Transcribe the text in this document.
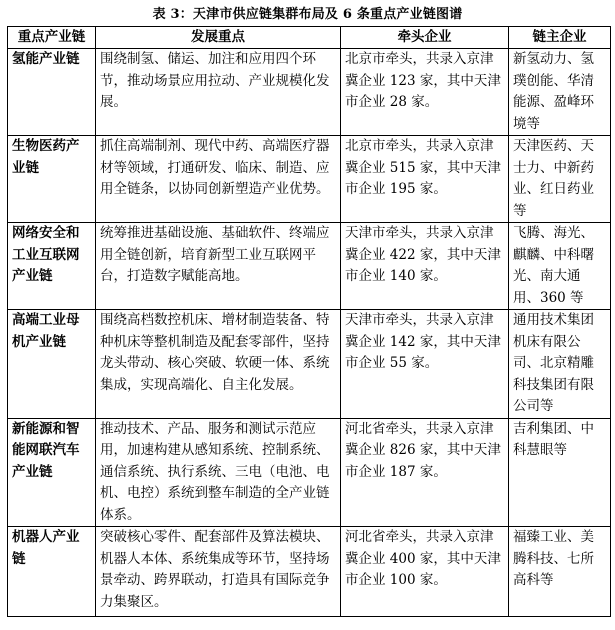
表 3：天津市供应链集群布局及 6 条重点产业链图谱
重点产业链	发展重点	牵头企业	链主企业
氢能产业链	围绕制氢、储运、加注和应用四个环节，推动场景应用拉动、产业规模化发展。	北京市牵头，共录入京津冀企业 123 家，其中天津市企业 28 家。	新氢动力、氢璞创能、华清能源、盈峰环境等
生物医药产业链	抓住高端制剂、现代中药、高端医疗器材等领域，打通研发、临床、制造、应用全链条，以协同创新塑造产业优势。	北京市牵头，共录入京津冀企业 515 家，其中天津市企业 195 家。	天津医药、天士力、中新药业、红日药业等
网络安全和工业互联网产业链	统筹推进基础设施、基础软件、终端应用全链创新，培育新型工业互联网平台，打造数字赋能高地。	天津市牵头，共录入京津冀企业 422 家，其中天津市企业 140 家。	飞腾、海光、麒麟、中科曙光、南大通用、360 等
高端工业母机产业链	围绕高档数控机床、增材制造装备、特种机床等整机制造及配套零部件，坚持龙头带动、核心突破、软硬一体、系统集成，实现高端化、自主化发展。	天津市牵头，共录入京津冀企业 142 家，其中天津市企业 55 家。	通用技术集团机床有限公司、北京精雕科技集团有限公司等
新能源和智能网联汽车产业链	推动技术、产品、服务和测试示范应用，加速构建从感知系统、控制系统、通信系统、执行系统、三电（电池、电机、电控）系统到整车制造的全产业链体系。	河北省牵头，共录入京津冀企业 826 家，其中天津市企业 187 家。	吉利集团、中科慧眼等
机器人产业链	突破核心零件、配套部件及算法模块、机器人本体、系统集成等环节，坚持场景牵动、跨界联动，打造具有国际竞争力集聚区。	河北省牵头，共录入京津冀企业 400 家，其中天津市企业 100 家。	福臻工业、美腾科技、七所高科等
